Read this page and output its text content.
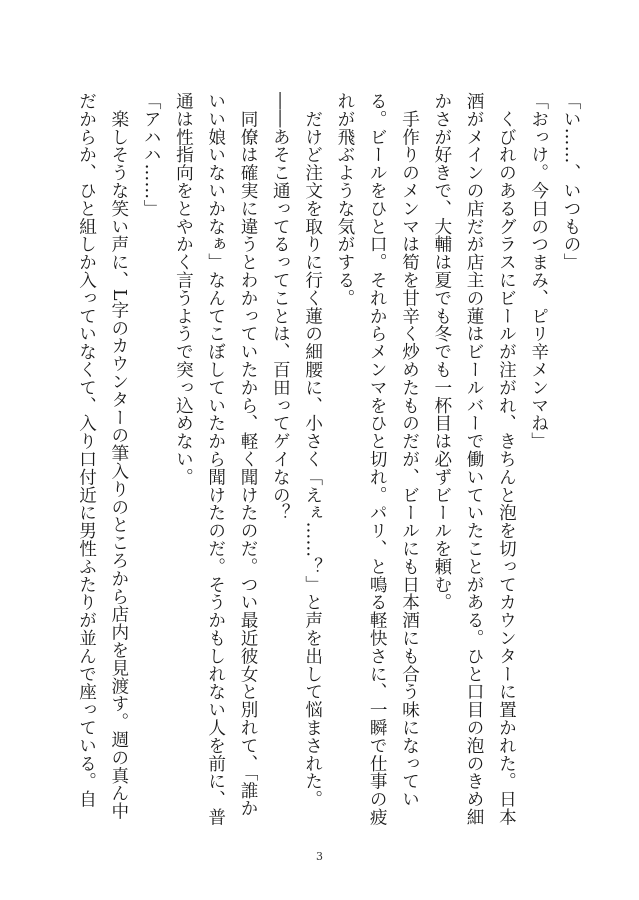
「い……、いつもの」

「おっけ。今日のつまみ、ピリ辛メンマね」

　くびれのあるグラスにビールが注がれ、きちんと泡を切ってカウンターに置かれた。日本酒がメインの店だが店主の蓮はビールバーで働いていたことがある。ひと口目の泡のきめ細かさが好きで、大輔は夏でも冬でも一杯目は必ずビールを頼む。

　手作りのメンマは筍を甘辛く炒めたものだが、ビールにも日本酒にも合う味になっている。ビールをひと口。それからメンマをひと切れ。パリ、と鳴る軽快さに、一瞬で仕事の疲れが飛ぶような気がする。

　だけど注文を取りに行く蓮の細腰に、小さく「えぇ……？」と声を出して悩まされた。

――あそこ通ってるってことは、百田ってゲイなの？

　同僚は確実に違うとわかっていたから、軽く聞けたのだ。つい最近彼女と別れて、「誰かいい娘いないかなぁ」なんてこぼしていたから聞けたのだ。そうかもしれない人を前に、普通は性指向をとやかく言うようで突っ込めない。

「アハハ……」

　楽しそうな笑い声に、L字のカウンターの筆入りのところから店内を見渡す。週の真ん中だからか、ひと組しか入っていなくて、入り口付近に男性ふたりが並んで座っている。自

3
